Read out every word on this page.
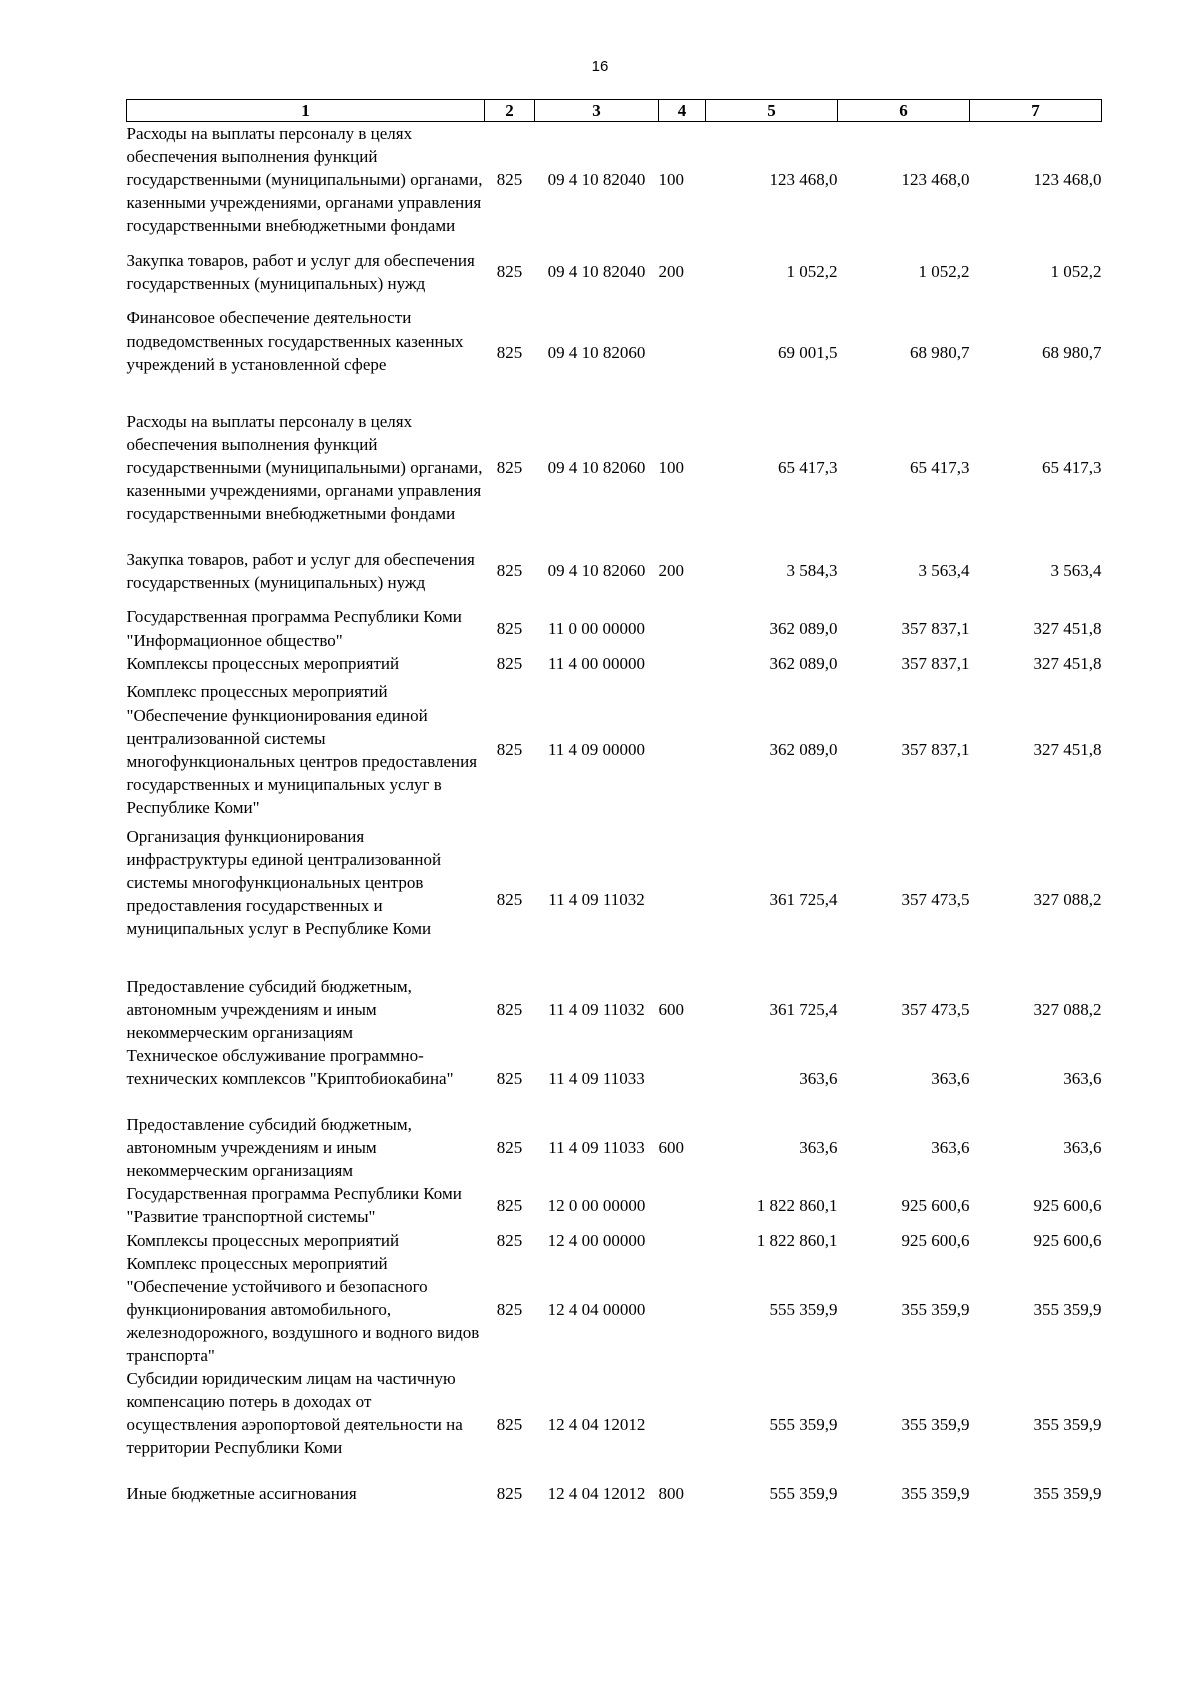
16
1	2	3	4	5	6	7
Расходы на выплаты персоналу в целях обеспечения выполнения функций государственными (муниципальными) органами, казенными учреждениями, органами управления государственными внебюджетными фондами	825	09 4 10 82040	100	123 468,0	123 468,0	123 468,0
Закупка товаров, работ и услуг для обеспечения государственных (муниципальных) нужд	825	09 4 10 82040	200	1 052,2	1 052,2	1 052,2
Финансовое обеспечение деятельности подведомственных государственных казенных учреждений в установленной сфере	825	09 4 10 82060		69 001,5	68 980,7	68 980,7
Расходы на выплаты персоналу в целях обеспечения выполнения функций государственными (муниципальными) органами, казенными учреждениями, органами управления государственными внебюджетными фондами	825	09 4 10 82060	100	65 417,3	65 417,3	65 417,3
Закупка товаров, работ и услуг для обеспечения государственных (муниципальных) нужд	825	09 4 10 82060	200	3 584,3	3 563,4	3 563,4
Государственная программа Республики Коми "Информационное общество"	825	11 0 00 00000		362 089,0	357 837,1	327 451,8
Комплексы процессных мероприятий	825	11 4 00 00000		362 089,0	357 837,1	327 451,8
Комплекс процессных мероприятий "Обеспечение функционирования единой централизованной системы многофункциональных центров предоставления государственных и муниципальных услуг в Республике Коми"	825	11 4 09 00000		362 089,0	357 837,1	327 451,8
Организация функционирования инфраструктуры единой централизованной системы многофункциональных центров предоставления государственных и муниципальных услуг в Республике Коми	825	11 4 09 11032		361 725,4	357 473,5	327 088,2
Предоставление субсидий бюджетным, автономным учреждениям и иным некоммерческим организациям	825	11 4 09 11032	600	361 725,4	357 473,5	327 088,2
Техническое обслуживание программно-технических комплексов "Криптобиокабина"	825	11 4 09 11033		363,6	363,6	363,6
Предоставление субсидий бюджетным, автономным учреждениям и иным некоммерческим организациям	825	11 4 09 11033	600	363,6	363,6	363,6
Государственная программа Республики Коми "Развитие транспортной системы"	825	12 0 00 00000		1 822 860,1	925 600,6	925 600,6
Комплексы процессных мероприятий	825	12 4 00 00000		1 822 860,1	925 600,6	925 600,6
Комплекс процессных мероприятий "Обеспечение устойчивого и безопасного функционирования автомобильного, железнодорожного, воздушного и водного видов транспорта"	825	12 4 04 00000		555 359,9	355 359,9	355 359,9
Субсидии юридическим лицам на частичную компенсацию потерь в доходах от осуществления аэропортовой деятельности на территории Республики Коми	825	12 4 04 12012		555 359,9	355 359,9	355 359,9
Иные бюджетные ассигнования	825	12 4 04 12012	800	555 359,9	355 359,9	355 359,9
